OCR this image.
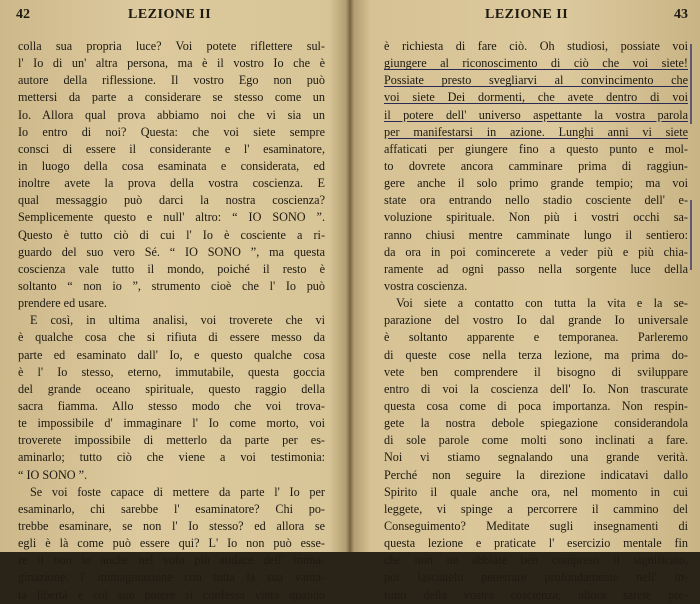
42	LEZIONE II
colla sua propria luce? Voi potete riflettere sul-
l' Io di un' altra persona, ma è il vostro Io che è
autore della riflessione. Il vostro Ego non può
mettersi da parte a considerare se stesso come un
Io. Allora qual prova abbiamo noi che vi sia un
Io entro di noi? Questa: che voi siete sempre
consci di essere il considerante e l' esaminatore,
in luogo della cosa esaminata e considerata, ed
inoltre avete la prova della vostra coscienza. E
qual messaggio può darci la nostra coscienza?
Semplicemente questo e null' altro: “ IO SONO ”.
Questo è tutto ciò di cui l' Io è cosciente a ri-
guardo del suo vero Sé. “ IO SONO ”, ma questa
coscienza vale tutto il mondo, poiché il resto è
soltanto “ non io ”, strumento cioè che l' Io può
prendere ed usare.
E così, in ultima analisi, voi troverete che vi
è qualche cosa che si rifiuta di essere messo da
parte ed esaminato dall' Io, e questo qualche cosa
è l' Io stesso, eterno, immutabile, questa goccia
del grande oceano spirituale, questo raggio della
sacra fiamma. Allo stesso modo che voi trova-
te impossibile d' immaginare l' Io come morto, voi
troverete impossibile di metterlo da parte per es-
aminarlo; tutto ciò che viene a voi testimonia:
“ IO SONO ”.
Se voi foste capace di mettere da parte l' Io per
esaminarlo, chi sarebbe l' esaminatore? Chi po-
trebbe esaminare, se non l' Io stesso? ed allora se
egli è là come può essere qui? L' Io non può esse-
re il non io anche nel volo più audace dell' imma-
ginazione: l' immaginazione con tutta la sua vanta-
ta libertà e col suo potere si confessa vinta quando
LEZIONE II	43
è richiesta di fare ciò. Oh studiosi, possiate voi
giungere al riconoscimento di ciò che voi siete!
Possiate presto svegliarvi al convincimento che
voi siete Dei dormenti, che avete dentro di voi
il potere dell' universo aspettante la vostra parola
per manifestarsi in azione. Lunghi anni vi siete
affaticati per giungere fino a questo punto e mol-
to dovrete ancora camminare prima di raggiun-
gere anche il solo primo grande tempio; ma voi
state ora entrando nello stadio cosciente dell' e-
voluzione spirituale. Non più i vostri occhi sa-
ranno chiusi mentre camminate lungo il sentiero:
da ora in poi comincerete a veder più e più chia-
ramente ad ogni passo nella sorgente luce della
vostra coscienza.
Voi siete a contatto con tutta la vita e la se-
parazione del vostro Io dal grande Io universale
è soltanto apparente e temporanea. Parleremo
di queste cose nella terza lezione, ma prima do-
vete ben comprendere il bisogno di sviluppare
entro di voi la coscienza dell' Io. Non trascurate
questa cosa come di poca importanza. Non respin-
gete la nostra debole spiegazione considerandola
di sole parole come molti sono inclinati a fare.
Noi vi stiamo segnalando una grande verità.
Perché non seguire la direzione indicatavi dallo
Spirito il quale anche ora, nel momento in cui
leggete, vi spinge a percorrere il cammino del
Conseguimento? Meditate sugli insegnamenti di
questa lezione e praticate l' esercizio mentale fin
che non ne abbiate ben compreso il significato,
poi lasciatelo penetrare profondamente nell' in-
timo della vostra coscienza; allora sarete pre-
